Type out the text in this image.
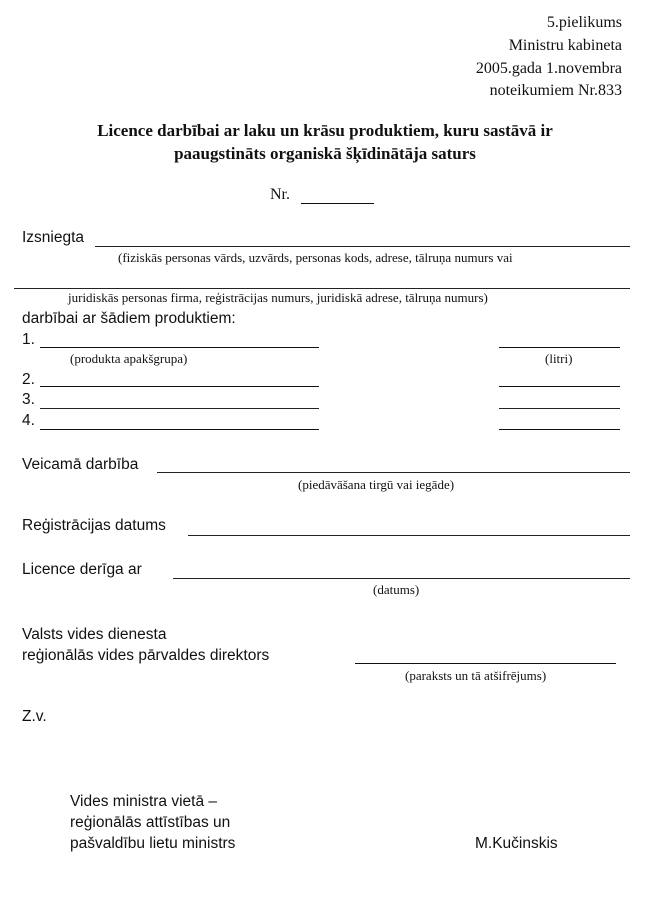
5.pielikums
Ministru kabineta
2005.gada 1.novembra
noteikumiem Nr.833
Licence darbībai ar laku un krāsu produktiem, kuru sastāvā ir
paaugstināts organiskā šķīdinātāja saturs
Nr.
Izsniegta
(fiziskās personas vārds, uzvārds, personas kods, adrese, tālruņa numurs vai
juridiskās personas firma, reģistrācijas numurs, juridiskā adrese, tālruņa numurs)
darbībai ar šādiem produktiem:
1.
(produkta apakšgrupa)	(litri)
2.
3.
4.
Veicamā darbība
(piedāvāšana tirgū vai iegāde)
Reģistrācijas datums
Licence derīga ar
(datums)
Valsts vides dienesta
reģionālās vides pārvaldes direktors
(paraksts un tā atšifrējums)
Z.v.
Vides ministra vietā –
reģionālās attīstības un
pašvaldību lietu ministrs	M.Kučinskis
